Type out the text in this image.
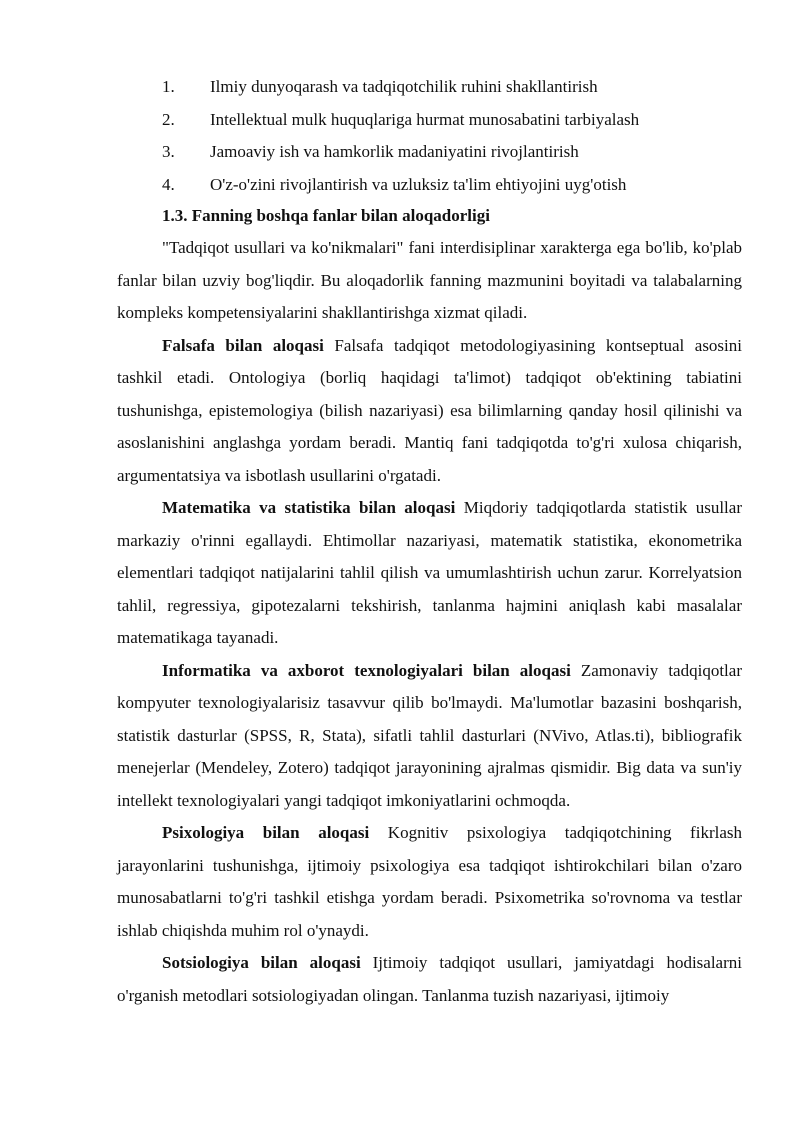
1. Ilmiy dunyoqarash va tadqiqotchilik ruhini shakllantirish
2. Intellektual mulk huquqlariga hurmat munosabatini tarbiyalash
3. Jamoaviy ish va hamkorlik madaniyatini rivojlantirish
4. O'z-o'zini rivojlantirish va uzluksiz ta'lim ehtiyojini uyg'otish
1.3. Fanning boshqa fanlar bilan aloqadorligi

"Tadqiqot usullari va ko'nikmalari" fani interdisiplinar xarakterga ega bo'lib, ko'plab fanlar bilan uzviy bog'liqdir. Bu aloqadorlik fanning mazmunini boyitadi va talabalarning kompleks kompetensiyalarini shakllantirishga xizmat qiladi.

Falsafa bilan aloqasi Falsafa tadqiqot metodologiyasining kontseptual asosini tashkil etadi. Ontologiya (borliq haqidagi ta'limot) tadqiqot ob'ektining tabiatini tushunishga, epistemologiya (bilish nazariyasi) esa bilimlarning qanday hosil qilinishi va asoslanishini anglashga yordam beradi. Mantiq fani tadqiqotda to'g'ri xulosa chiqarish, argumentatsiya va isbotlash usullarini o'rgatadi.

Matematika va statistika bilan aloqasi Miqdoriy tadqiqotlarda statistik usullar markaziy o'rinni egallaydi. Ehtimollar nazariyasi, matematik statistika, ekonometrika elementlari tadqiqot natijalarini tahlil qilish va umumlashtirish uchun zarur. Korrelyatsion tahlil, regressiya, gipotezalarni tekshirish, tanlanma hajmini aniqlash kabi masalalar matematikaga tayanadi.

Informatika va axborot texnologiyalari bilan aloqasi Zamonaviy tadqiqotlar kompyuter texnologiyalarisiz tasavvur qilib bo'lmaydi. Ma'lumotlar bazasini boshqarish, statistik dasturlar (SPSS, R, Stata), sifatli tahlil dasturlari (NVivo, Atlas.ti), bibliografik menejerlar (Mendeley, Zotero) tadqiqot jarayonining ajralmas qismidir. Big data va sun'iy intellekt texnologiyalari yangi tadqiqot imkoniyatlarini ochmoqda.

Psixologiya bilan aloqasi Kognitiv psixologiya tadqiqotchining fikrlash jarayonlarini tushunishga, ijtimoiy psixologiya esa tadqiqot ishtirokchilari bilan o'zaro munosabatlarni to'g'ri tashkil etishga yordam beradi. Psixometrika so'rovnoma va testlar ishlab chiqishda muhim rol o'ynaydi.

Sotsiologiya bilan aloqasi Ijtimoiy tadqiqot usullari, jamiyatdagi hodisalarni o'rganish metodlari sotsiologiyadan olingan. Tanlanma tuzish nazariyasi, ijtimoiy
